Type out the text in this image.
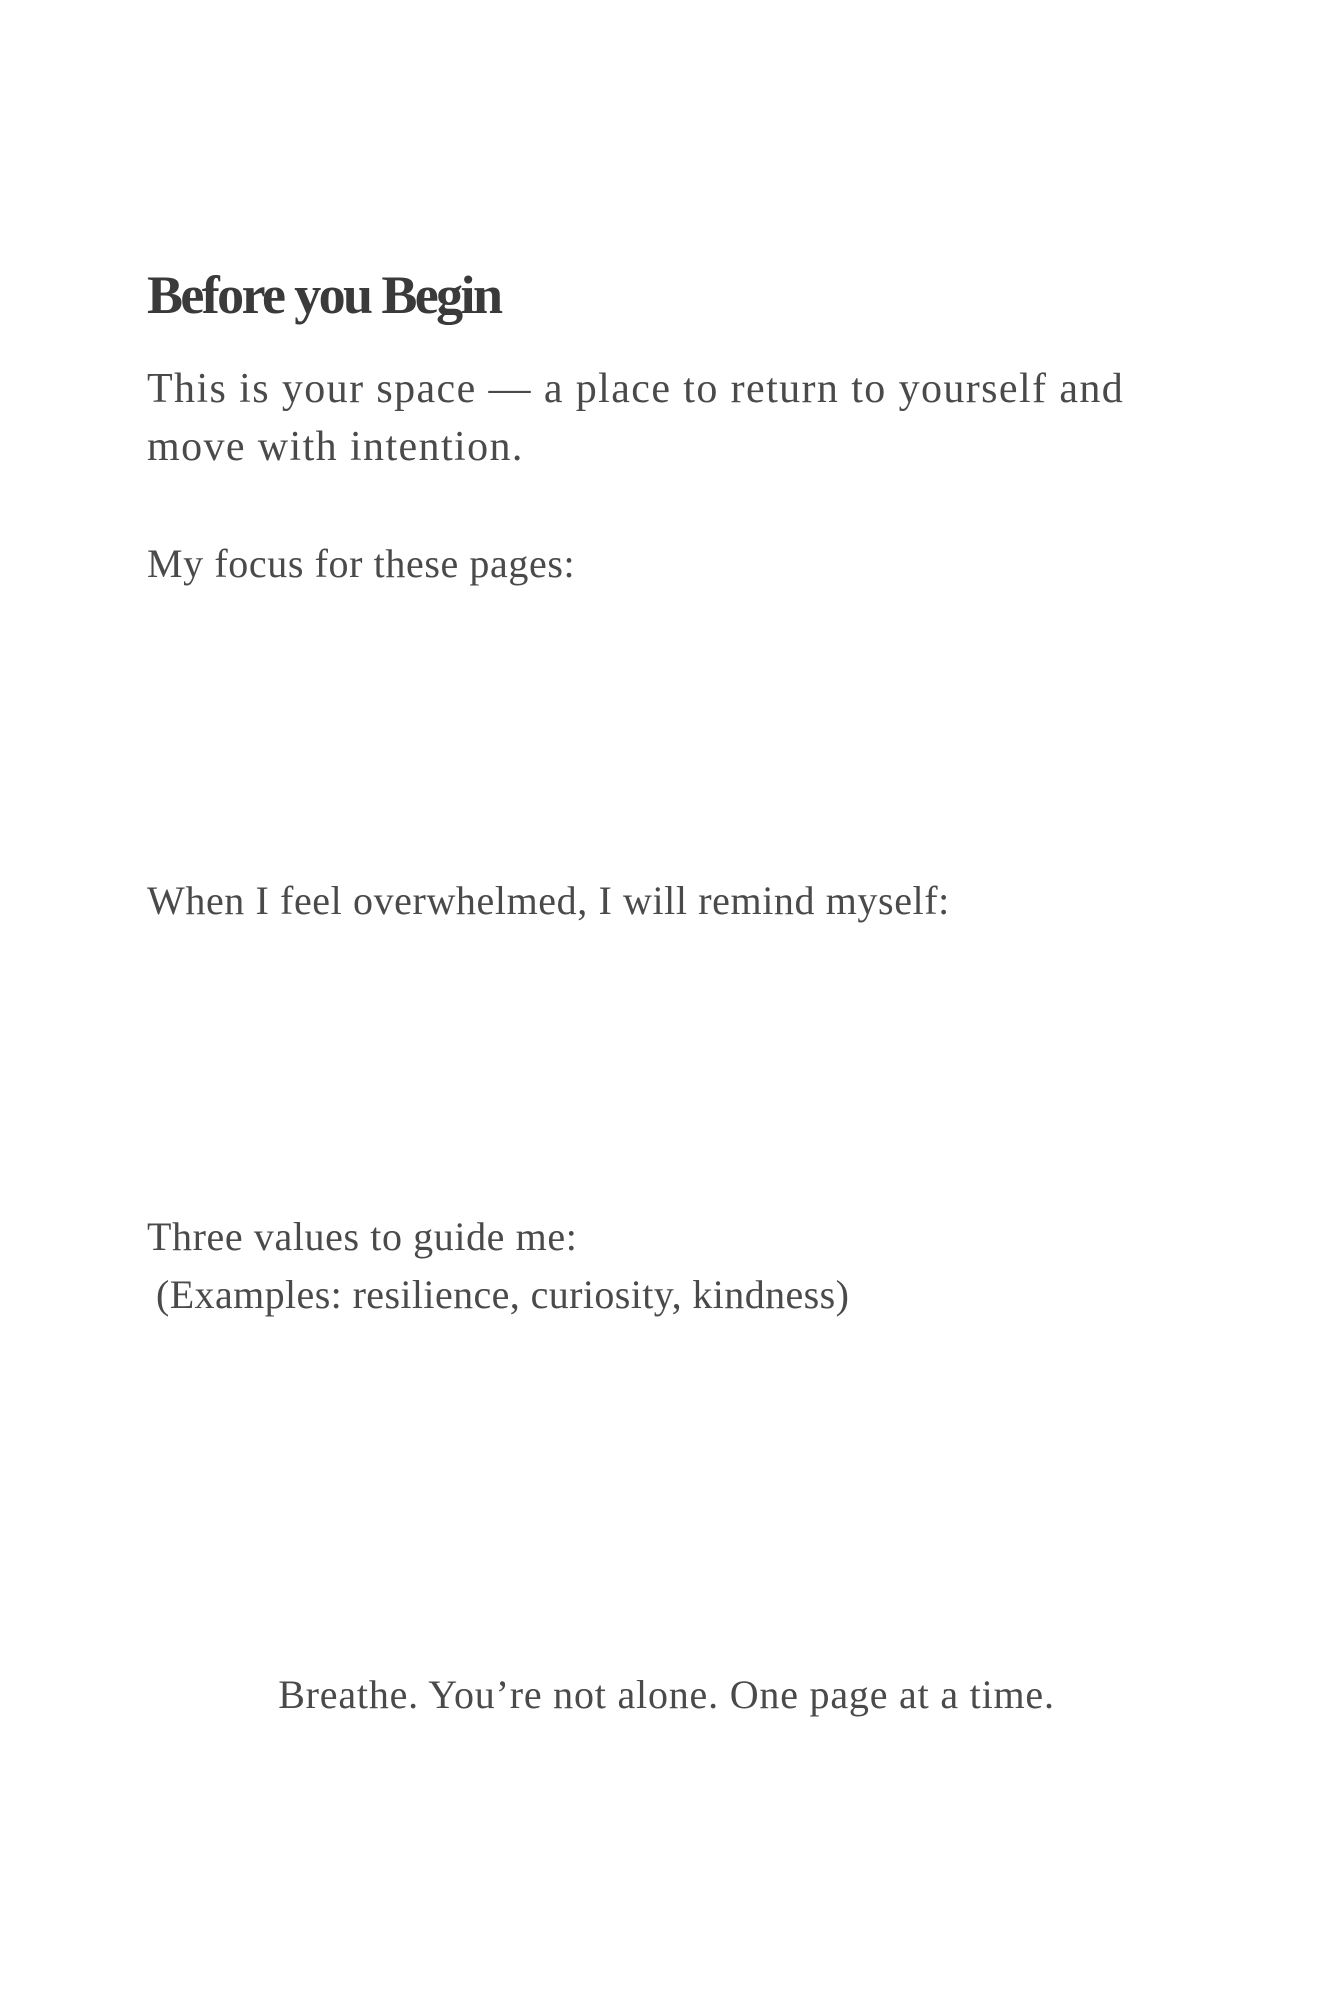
Before you Begin

This is your space — a place to return to yourself and move with intention.

My focus for these pages:

When I feel overwhelmed, I will remind myself:

Three values to guide me:

(Examples: resilience, curiosity, kindness)

Breathe. You’re not alone. One page at a time.
